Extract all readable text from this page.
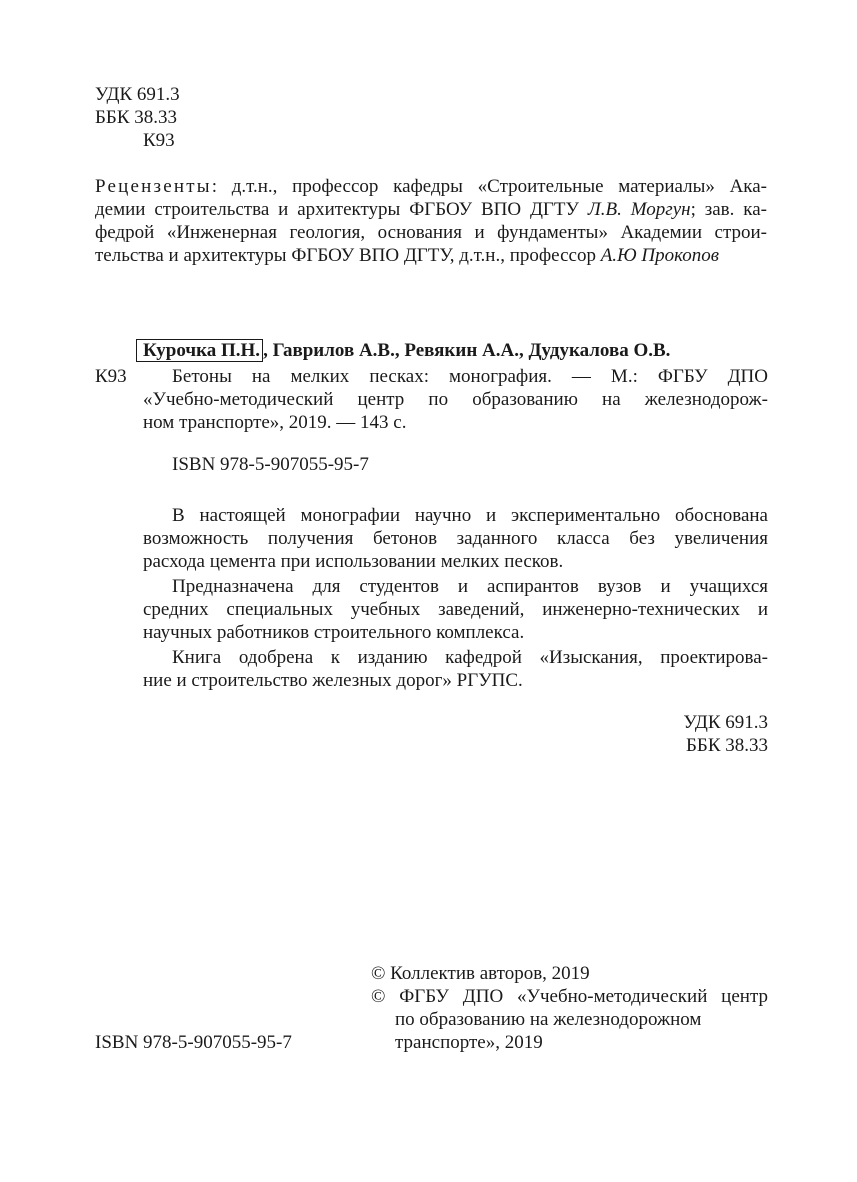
УДК 691.3
ББК 38.33
К93
Рецензенты: д.т.н., профессор кафедры «Строительные материалы» Ака-
демии строительства и архитектуры ФГБОУ ВПО ДГТУ Л.В. Моргун; зав. ка-
федрой «Инженерная геология, основания и фундаменты» Академии строи-
тельства и архитектуры ФГБОУ ВПО ДГТУ, д.т.н., профессор А.Ю Прокопов
Курочка П.Н. , Гаврилов А.В., Ревякин А.А., Дудукалова О.В.
К93 Бетоны на мелких песках: монография. — М.: ФГБУ ДПО
«Учебно-методический центр по образованию на железнодорож-
ном транспорте», 2019. — 143 с.
ISBN 978-5-907055-95-7
В настоящей монографии научно и экспериментально обоснована
возможность получения бетонов заданного класса без увеличения
расхода цемента при использовании мелких песков.
Предназначена для студентов и аспирантов вузов и учащихся
средних специальных учебных заведений, инженерно-технических и
научных работников строительного комплекса.
Книга одобрена к изданию кафедрой «Изыскания, проектирова-
ние и строительство железных дорог» РГУПС.
УДК 691.3
ББК 38.33
© Коллектив авторов, 2019
© ФГБУ ДПО «Учебно-методический центр
по образованию на железнодорожном
транспорте», 2019
ISBN 978-5-907055-95-7
